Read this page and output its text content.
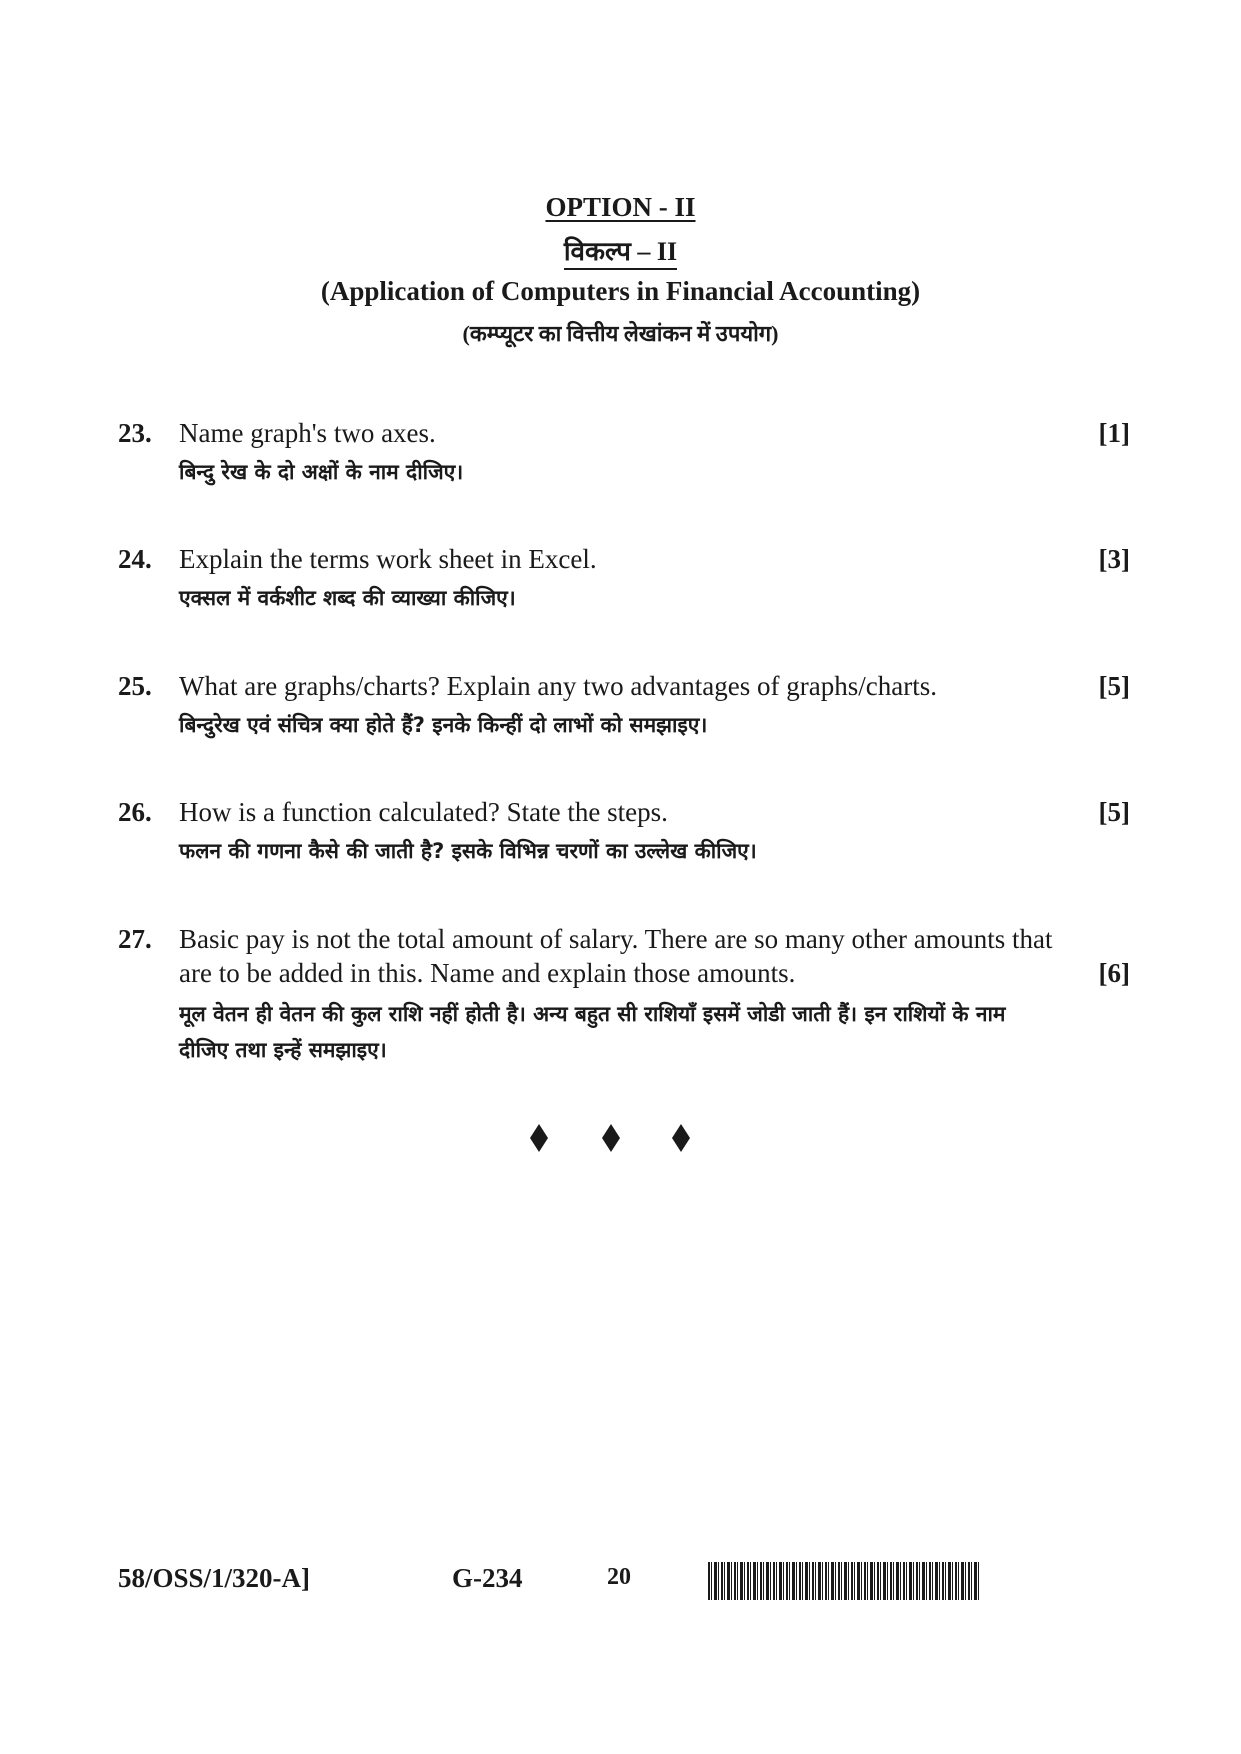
OPTION - II
विकल्प – II
(Application of Computers in Financial Accounting)
(कम्प्यूटर का वित्तीय लेखांकन में उपयोग)
23. Name graph's two axes.	[1]
बिन्दु रेख के दो अक्षों के नाम दीजिए।
24. Explain the terms work sheet in Excel.	[3]
एक्सल में वर्कशीट शब्द की व्याख्या कीजिए।
25. What are graphs/charts? Explain any two advantages of graphs/charts.	[5]
बिन्दुरेख एवं संचित्र क्या होते हैं? इनके किन्हीं दो लाभों को समझाइए।
26. How is a function calculated? State the steps.	[5]
फलन की गणना कैसे की जाती है? इसके विभिन्न चरणों का उल्लेख कीजिए।
27. Basic pay is not the total amount of salary. There are so many other amounts that
are to be added in this. Name and explain those amounts.	[6]
मूल वेतन ही वेतन की कुल राशि नहीं होती है। अन्य बहुत सी राशियाँ इसमें जोडी जाती हैं। इन राशियों के नाम
दीजिए तथा इन्हें समझाइए।
58/OSS/1/320-A]	G-234	20
